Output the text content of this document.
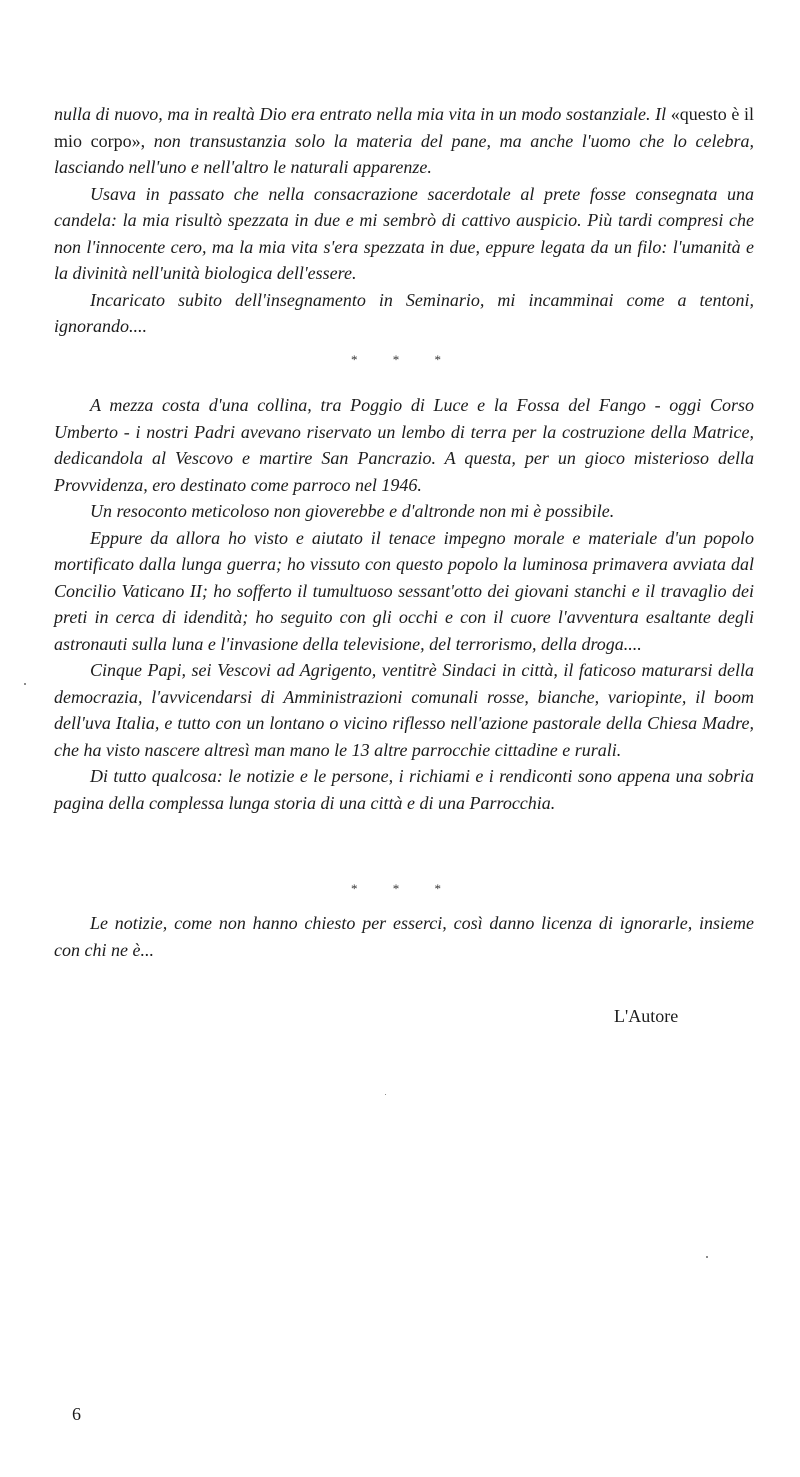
nulla di nuovo, ma in realtà Dio era entrato nella mia vita in un modo sostanziale. Il «questo è il mio corpo», non transustanzia solo la materia del pane, ma anche l'uomo che lo celebra, lasciando nell'uno e nell'altro le naturali apparenze.

Usava in passato che nella consacrazione sacerdotale al prete fosse consegnata una candela: la mia risultò spezzata in due e mi sembrò di cattivo auspicio. Più tardi compresi che non l'innocente cero, ma la mia vita s'era spezzata in due, eppure legata da un filo: l'umanità e la divinità nell'unità biologica dell'essere.

Incaricato subito dell'insegnamento in Seminario, mi incamminai come a tentoni, ignorando....

* * *

A mezza costa d'una collina, tra Poggio di Luce e la Fossa del Fango - oggi Corso Umberto - i nostri Padri avevano riservato un lembo di terra per la costruzione della Matrice, dedicandola al Vescovo e martire San Pancrazio. A questa, per un gioco misterioso della Provvidenza, ero destinato come parroco nel 1946.

Un resoconto meticoloso non gioverebbe e d'altronde non mi è possibile.

Eppure da allora ho visto e aiutato il tenace impegno morale e materiale d'un popolo mortificato dalla lunga guerra; ho vissuto con questo popolo la luminosa primavera avviata dal Concilio Vaticano II; ho sofferto il tumultuoso sessant'otto dei giovani stanchi e il travaglio dei preti in cerca di idendità; ho seguito con gli occhi e con il cuore l'avventura esaltante degli astronauti sulla luna e l'invasione della televisione, del terrorismo, della droga....

Cinque Papi, sei Vescovi ad Agrigento, ventitrè Sindaci in città, il faticoso maturarsi della democrazia, l'avvicendarsi di Amministrazioni comunali rosse, bianche, variopinte, il boom dell'uva Italia, e tutto con un lontano o vicino riflesso nell'azione pastorale della Chiesa Madre, che ha visto nascere altresì man mano le 13 altre parrocchie cittadine e rurali.

Di tutto qualcosa: le notizie e le persone, i richiami e i rendiconti sono appena una sobria pagina della complessa lunga storia di una città e di una Parrocchia.

* * *

Le notizie, come non hanno chiesto per esserci, così danno licenza di ignorarle, insieme con chi ne è...

L'Autore
6
